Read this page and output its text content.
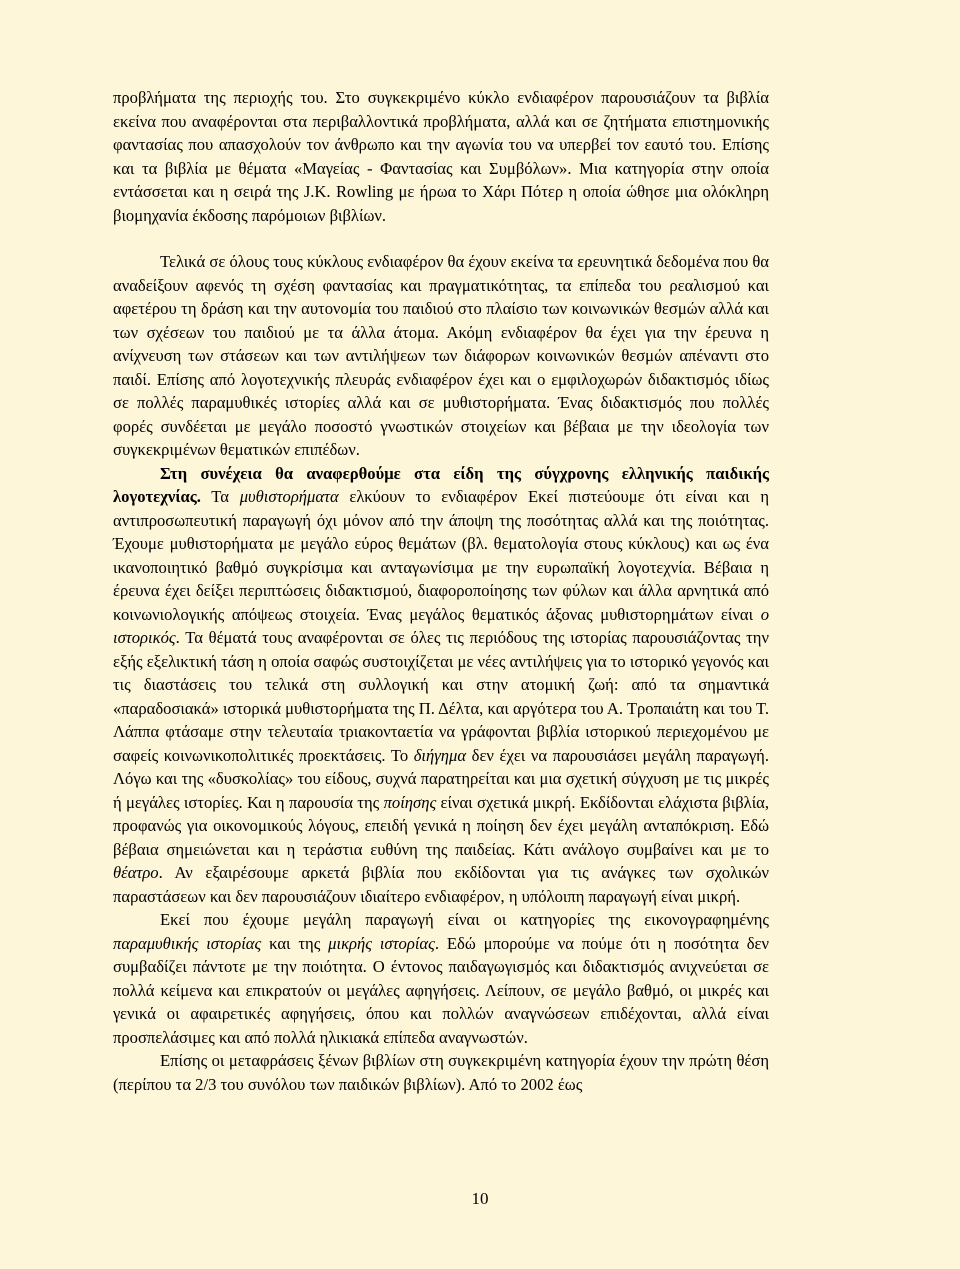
προβλήματα της περιοχής του. Στο συγκεκριμένο κύκλο ενδιαφέρον παρουσιάζουν τα βιβλία εκείνα που αναφέρονται στα περιβαλλοντικά προβλήματα, αλλά και σε ζητήματα επιστημονικής φαντασίας που απασχολούν τον άνθρωπο και την αγωνία του να υπερβεί τον εαυτό του. Επίσης και τα βιβλία με θέματα «Μαγείας - Φαντασίας και Συμβόλων». Μια κατηγορία στην οποία εντάσσεται και η σειρά της J.K. Rowling με ήρωα το Χάρι Πότερ η οποία ώθησε μια ολόκληρη βιομηχανία έκδοσης παρόμοιων βιβλίων.

Τελικά σε όλους τους κύκλους ενδιαφέρον θα έχουν εκείνα τα ερευνητικά δεδομένα που θα αναδείξουν αφενός τη σχέση φαντασίας και πραγματικότητας, τα επίπεδα του ρεαλισμού και αφετέρου τη δράση και την αυτονομία του παιδιού στο πλαίσιο των κοινωνικών θεσμών αλλά και των σχέσεων του παιδιού με τα άλλα άτομα. Ακόμη ενδιαφέρον θα έχει για την έρευνα η ανίχνευση των στάσεων και των αντιλήψεων των διάφορων κοινωνικών θεσμών απέναντι στο παιδί. Επίσης από λογοτεχνικής πλευράς ενδιαφέρον έχει και ο εμφιλοχωρών διδακτισμός ιδίως σε πολλές παραμυθικές ιστορίες αλλά και σε μυθιστορήματα. Ένας διδακτισμός που πολλές φορές συνδέεται με μεγάλο ποσοστό γνωστικών στοιχείων και βέβαια με την ιδεολογία των συγκεκριμένων θεματικών επιπέδων.

Στη συνέχεια θα αναφερθούμε στα είδη της σύγχρονης ελληνικής παιδικής λογοτεχνίας. Τα μυθιστορήματα ελκύουν το ενδιαφέρον Εκεί πιστεύουμε ότι είναι και η αντιπροσωπευτική παραγωγή όχι μόνον από την άποψη της ποσότητας αλλά και της ποιότητας. Έχουμε μυθιστορήματα με μεγάλο εύρος θεμάτων (βλ. θεματολογία στους κύκλους) και ως ένα ικανοποιητικό βαθμό συγκρίσιμα και ανταγωνίσιμα με την ευρωπαϊκή λογοτεχνία. Βέβαια η έρευνα έχει δείξει περιπτώσεις διδακτισμού, διαφοροποίησης των φύλων και άλλα αρνητικά από κοινωνιολογικής απόψεως στοιχεία. Ένας μεγάλος θεματικός άξονας μυθιστορημάτων είναι ο ιστορικός. Τα θέματά τους αναφέρονται σε όλες τις περιόδους της ιστορίας παρουσιάζοντας την εξής εξελικτική τάση η οποία σαφώς συστοιχίζεται με νέες αντιλήψεις για το ιστορικό γεγονός και τις διαστάσεις του τελικά στη συλλογική και στην ατομική ζωή: από τα σημαντικά «παραδοσιακά» ιστορικά μυθιστορήματα της Π. Δέλτα, και αργότερα του Α. Τροπαιάτη και του Τ. Λάππα φτάσαμε στην τελευταία τριακονταετία να γράφονται βιβλία ιστορικού περιεχομένου με σαφείς κοινωνικοπολιτικές προεκτάσεις. Το διήγημα δεν έχει να παρουσιάσει μεγάλη παραγωγή. Λόγω και της «δυσκολίας» του είδους, συχνά παρατηρείται και μια σχετική σύγχυση με τις μικρές ή μεγάλες ιστορίες. Και η παρουσία της ποίησης είναι σχετικά μικρή. Εκδίδονται ελάχιστα βιβλία, προφανώς για οικονομικούς λόγους, επειδή γενικά η ποίηση δεν έχει μεγάλη ανταπόκριση. Εδώ βέβαια σημειώνεται και η τεράστια ευθύνη της παιδείας. Κάτι ανάλογο συμβαίνει και με το θέατρο. Αν εξαιρέσουμε αρκετά βιβλία που εκδίδονται για τις ανάγκες των σχολικών παραστάσεων και δεν παρουσιάζουν ιδιαίτερο ενδιαφέρον, η υπόλοιπη παραγωγή είναι μικρή.

Εκεί που έχουμε μεγάλη παραγωγή είναι οι κατηγορίες της εικονογραφημένης παραμυθικής ιστορίας και της μικρής ιστορίας. Εδώ μπορούμε να πούμε ότι η ποσότητα δεν συμβαδίζει πάντοτε με την ποιότητα. Ο έντονος παιδαγωγισμός και διδακτισμός ανιχνεύεται σε πολλά κείμενα και επικρατούν οι μεγάλες αφηγήσεις. Λείπουν, σε μεγάλο βαθμό, οι μικρές και γενικά οι αφαιρετικές αφηγήσεις, όπου και πολλών αναγνώσεων επιδέχονται, αλλά είναι προσπελάσιμες και από πολλά ηλικιακά επίπεδα αναγνωστών.

Επίσης οι μεταφράσεις ξένων βιβλίων στη συγκεκριμένη κατηγορία έχουν την πρώτη θέση (περίπου τα 2/3 του συνόλου των παιδικών βιβλίων). Από το 2002 έως

10
